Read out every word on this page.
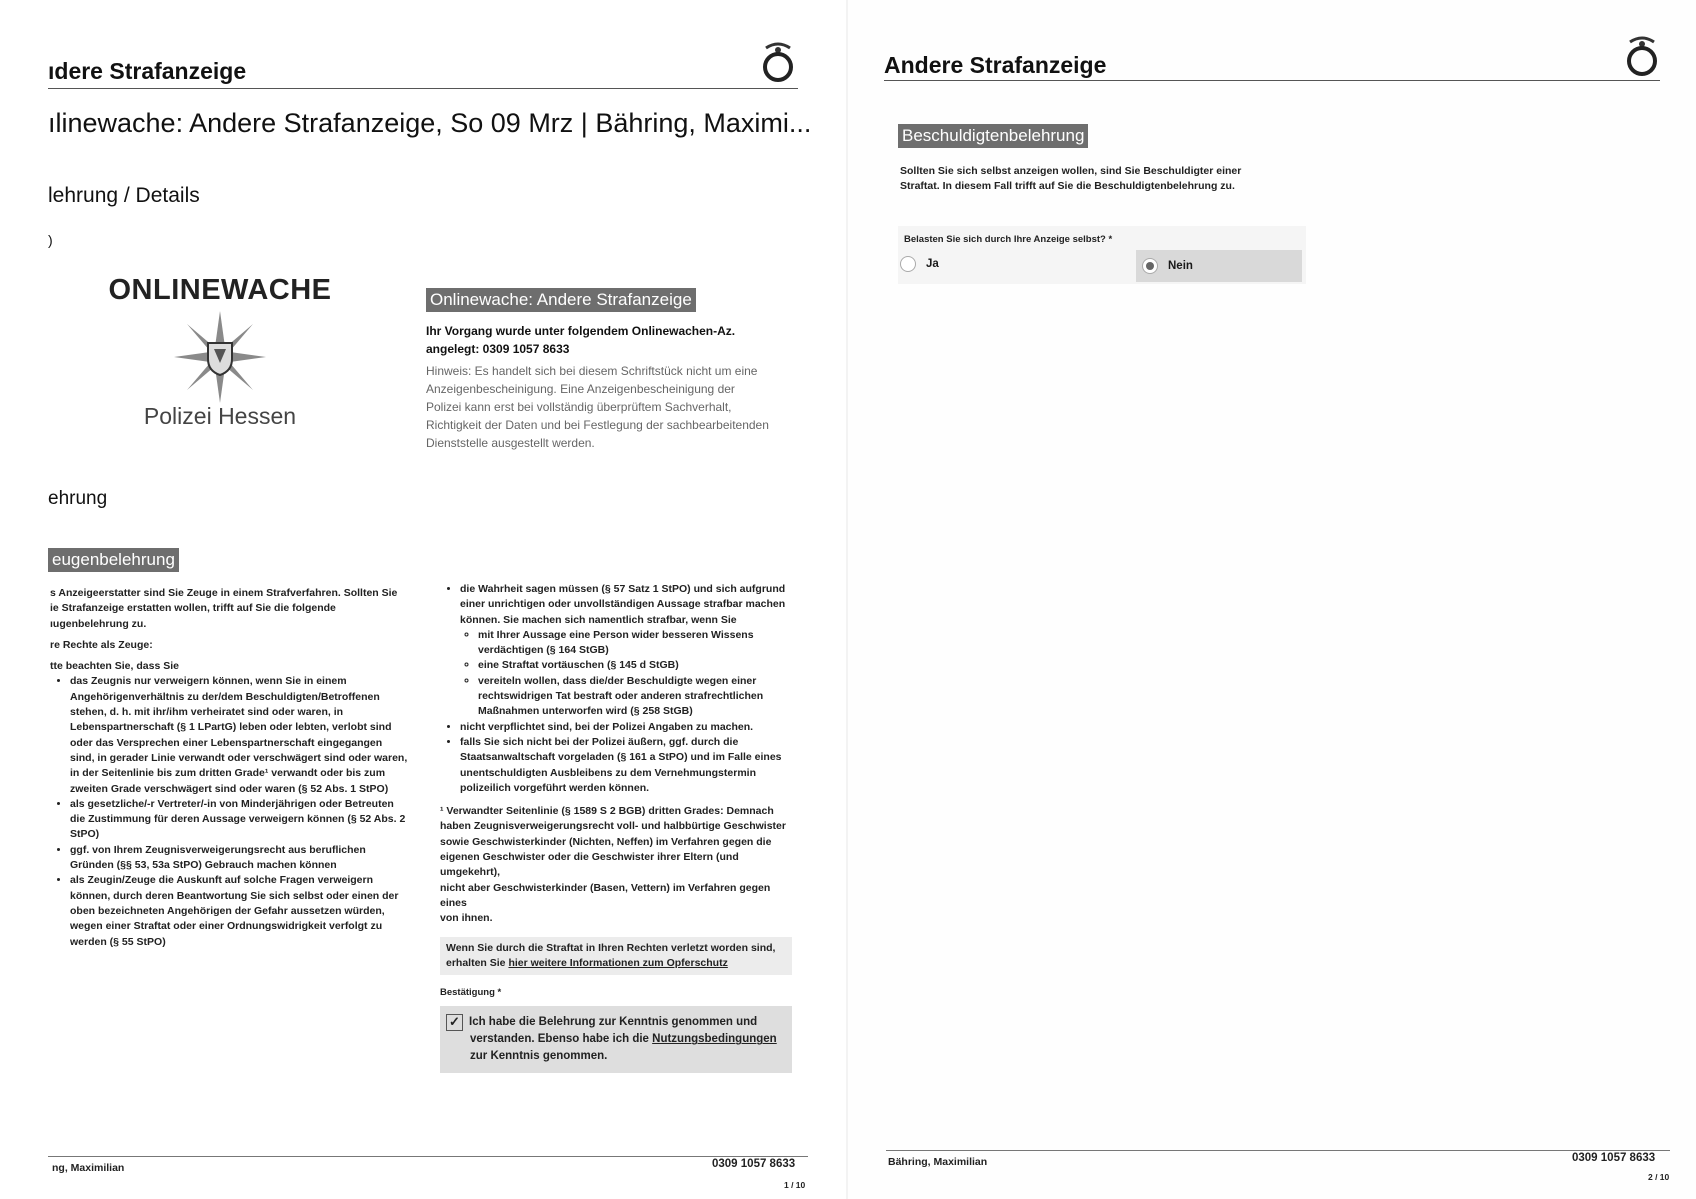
ıdere Strafanzeige
ılinewache: Andere Strafanzeige, So 09 Mrz | Bähring, Maximi...
lehrung / Details
)
ONLINEWACHE
Polizei Hessen
Onlinewache: Andere Strafanzeige
Ihr Vorgang wurde unter folgendem Onlinewachen-Az.
angelegt: 0309 1057 8633
Hinweis: Es handelt sich bei diesem Schriftstück nicht um eine
Anzeigenbescheinigung. Eine Anzeigenbescheinigung der
Polizei kann erst bei vollständig überprüftem Sachverhalt,
Richtigkeit der Daten und bei Festlegung der sachbearbeitenden
Dienststelle ausgestellt werden.
ehrung
eugenbelehrung

s Anzeigeerstatter sind Sie Zeuge in einem Strafverfahren. Sollten Sie

ie Strafanzeige erstatten wollen, trifft auf Sie die folgende

ıugenbelehrung zu.

re Rechte als Zeuge:

tte beachten Sie, dass Sie

• das Zeugnis nur verweigern können, wenn Sie in einem
Angehörigenverhältnis zu der/dem Beschuldigten/Betroffenen
stehen, d. h. mit ihr/ihm verheiratet sind oder waren, in
Lebenspartnerschaft (§ 1 LPartG) leben oder lebten, verlobt sind
oder das Versprechen einer Lebenspartnerschaft eingegangen
sind, in gerader Linie verwandt oder verschwägert sind oder waren,
in der Seitenlinie bis zum dritten Grade¹ verwandt oder bis zum
zweiten Grade verschwägert sind oder waren (§ 52 Abs. 1 StPO)
• als gesetzliche/-r Vertreter/-in von Minderjährigen oder Betreuten
die Zustimmung für deren Aussage verweigern können (§ 52 Abs. 2
StPO)
• ggf. von Ihrem Zeugnisverweigerungsrecht aus beruflichen
Gründen (§§ 53, 53a StPO) Gebrauch machen können
• als Zeugin/Zeuge die Auskunft auf solche Fragen verweigern
können, durch deren Beantwortung Sie sich selbst oder einen der
oben bezeichneten Angehörigen der Gefahr aussetzen würden,
wegen einer Straftat oder einer Ordnungswidrigkeit verfolgt zu
werden (§ 55 StPO)
• die Wahrheit sagen müssen (§ 57 Satz 1 StPO) und sich aufgrund
einer unrichtigen oder unvollständigen Aussage strafbar machen
können. Sie machen sich namentlich strafbar, wenn Sie
◦ mit Ihrer Aussage eine Person wider besseren Wissens
verdächtigen (§ 164 StGB)
◦ eine Straftat vortäuschen (§ 145 d StGB)
◦ vereiteln wollen, dass die/der Beschuldigte wegen einer
rechtswidrigen Tat bestraft oder anderen strafrechtlichen
Maßnahmen unterworfen wird (§ 258 StGB)
• nicht verpflichtet sind, bei der Polizei Angaben zu machen.
• falls Sie sich nicht bei der Polizei äußern, ggf. durch die
Staatsanwaltschaft vorgeladen (§ 161 a StPO) und im Falle eines
unentschuldigten Ausbleibens zu dem Vernehmungstermin
polizeilich vorgeführt werden können.
¹ Verwandter Seitenlinie (§ 1589 S 2 BGB) dritten Grades: Demnach
haben Zeugnisverweigerungsrecht voll- und halbbürtige Geschwister
sowie Geschwisterkinder (Nichten, Neffen) im Verfahren gegen die
eigenen Geschwister oder die Geschwister ihrer Eltern (und umgekehrt),
nicht aber Geschwisterkinder (Basen, Vettern) im Verfahren gegen eines
von ihnen.
Wenn Sie durch die Straftat in Ihren Rechten verletzt worden sind,
erhalten Sie hier weitere Informationen zum Opferschutz
Bestätigung *
✓ Ich habe die Belehrung zur Kenntnis genommen und
verstanden. Ebenso habe ich die Nutzungsbedingungen
zur Kenntnis genommen.
ng, Maximilian	0309 1057 8633
1 / 10
Andere Strafanzeige
Beschuldigtenbelehrung

Sollten Sie sich selbst anzeigen wollen, sind Sie Beschuldigter einer

Straftat. In diesem Fall trifft auf Sie die Beschuldigtenbelehrung zu.

Belasten Sie sich durch Ihre Anzeige selbst? *
Ja	Nein
Bähring, Maximilian	0309 1057 8633
2 / 10
